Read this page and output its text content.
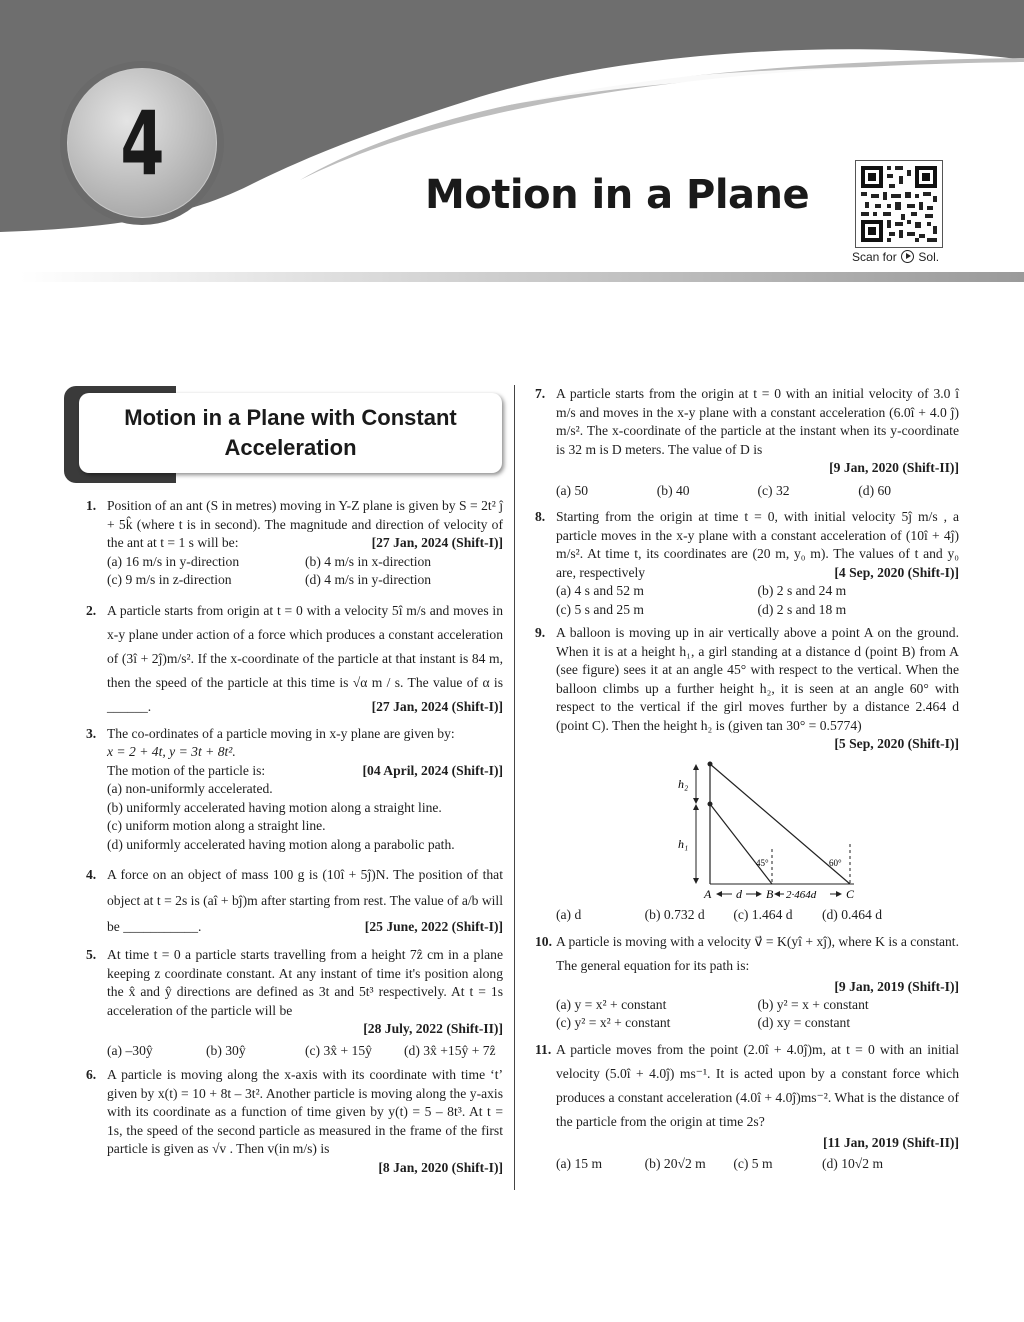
4	Motion in a Plane
Scan for Sol.
Motion in a Plane with Constant Acceleration
1. Position of an ant (S in metres) moving in Y-Z plane is given by S = 2t² ĵ + 5k̂ (where t is in second). The magnitude and direction of velocity of the ant at t = 1 s will be:	[27 Jan, 2024 (Shift-I)]
(a) 16 m/s in y-direction	(b) 4 m/s in x-direction
(c) 9 m/s in z-direction	(d) 4 m/s in y-direction
2. A particle starts from origin at t = 0 with a velocity 5î m/s and moves in x-y plane under action of a force which produces a constant acceleration of (3î + 2ĵ)m/s². If the x-coordinate of the particle at that instant is 84 m, then the speed of the particle at this time is √α m / s. The value of α is ______.	[27 Jan, 2024 (Shift-I)]
3. The co-ordinates of a particle moving in x-y plane are given by:
x = 2 + 4t, y = 3t + 8t².
The motion of the particle is:	[04 April, 2024 (Shift-I)]
(a) non-uniformly accelerated.
(b) uniformly accelerated having motion along a straight line.
(c) uniform motion along a straight line.
(d) uniformly accelerated having motion along a parabolic path.
4. A force on an object of mass 100 g is (10î + 5ĵ)N. The position of that object at t = 2s is (aî + bĵ)m after starting from rest. The value of a/b will be ___________.	[25 June, 2022 (Shift-I)]
5. At time t = 0 a particle starts travelling from a height 7ẑ cm in a plane keeping z coordinate constant. At any instant of time it's position along the x̂ and ŷ directions are defined as 3t and 5t³ respectively. At t = 1s acceleration of the particle will be
[28 July, 2022 (Shift-II)]
(a) –30ŷ	(b) 30ŷ	(c) 3x̂ + 15ŷ	(d) 3x̂ +15ŷ + 7ẑ
6. A particle is moving along the x-axis with its coordinate with time ‘t’ given by x(t) = 10 + 8t – 3t². Another particle is moving along the y-axis with its coordinate as a function of time given by y(t) = 5 – 8t³. At t = 1s, the speed of the second particle as measured in the frame of the first particle is given as √v . Then v(in m/s) is
[8 Jan, 2020 (Shift-I)]
7. A particle starts from the origin at t = 0 with an initial velocity of 3.0 î m/s and moves in the x-y plane with a constant acceleration (6.0î + 4.0 ĵ) m/s². The x-coordinate of the particle at the instant when its y-coordinate is 32 m is D meters. The value of D is
[9 Jan, 2020 (Shift-II)]
(a) 50	(b) 40	(c) 32	(d) 60
8. Starting from the origin at time t = 0, with initial velocity 5ĵ m/s , a particle moves in the x-y plane with a constant acceleration of (10î + 4ĵ) m/s². At time t, its coordinates are (20 m, y₀ m). The values of t and y₀ are, respectively	[4 Sep, 2020 (Shift-I)]
(a) 4 s and 52 m	(b) 2 s and 24 m
(c) 5 s and 25 m	(d) 2 s and 18 m
9. A balloon is moving up in air vertically above a point A on the ground. When it is at a height h₁, a girl standing at a distance d (point B) from A (see figure) sees it at an angle 45° with respect to the vertical. When the balloon climbs up a further height h₂, it is seen at an angle 60° with respect to the vertical if the girl moves further by a distance 2.464 d (point C). Then the height h₂ is (given tan 30° = 0.5774)
[5 Sep, 2020 (Shift-I)]
h₂
h₁
45°	60°
A	B	C
d	2·464d
(a) d	(b) 0.732 d	(c) 1.464 d	(d) 0.464 d
10. A particle is moving with a velocity v⃗ = K(yî + xĵ), where K is a constant. The general equation for its path is:
[9 Jan, 2019 (Shift-I)]
(a) y = x² + constant	(b) y² = x + constant
(c) y² = x² + constant	(d) xy = constant
11. A particle moves from the point (2.0î + 4.0ĵ)m, at t = 0 with an initial velocity (5.0î + 4.0ĵ) ms⁻¹. It is acted upon by a constant force which produces a constant acceleration (4.0î + 4.0ĵ)ms⁻². What is the distance of the particle from the origin at time 2s?
[11 Jan, 2019 (Shift-II)]
(a) 15 m	(b) 20√2 m	(c) 5 m	(d) 10√2 m
